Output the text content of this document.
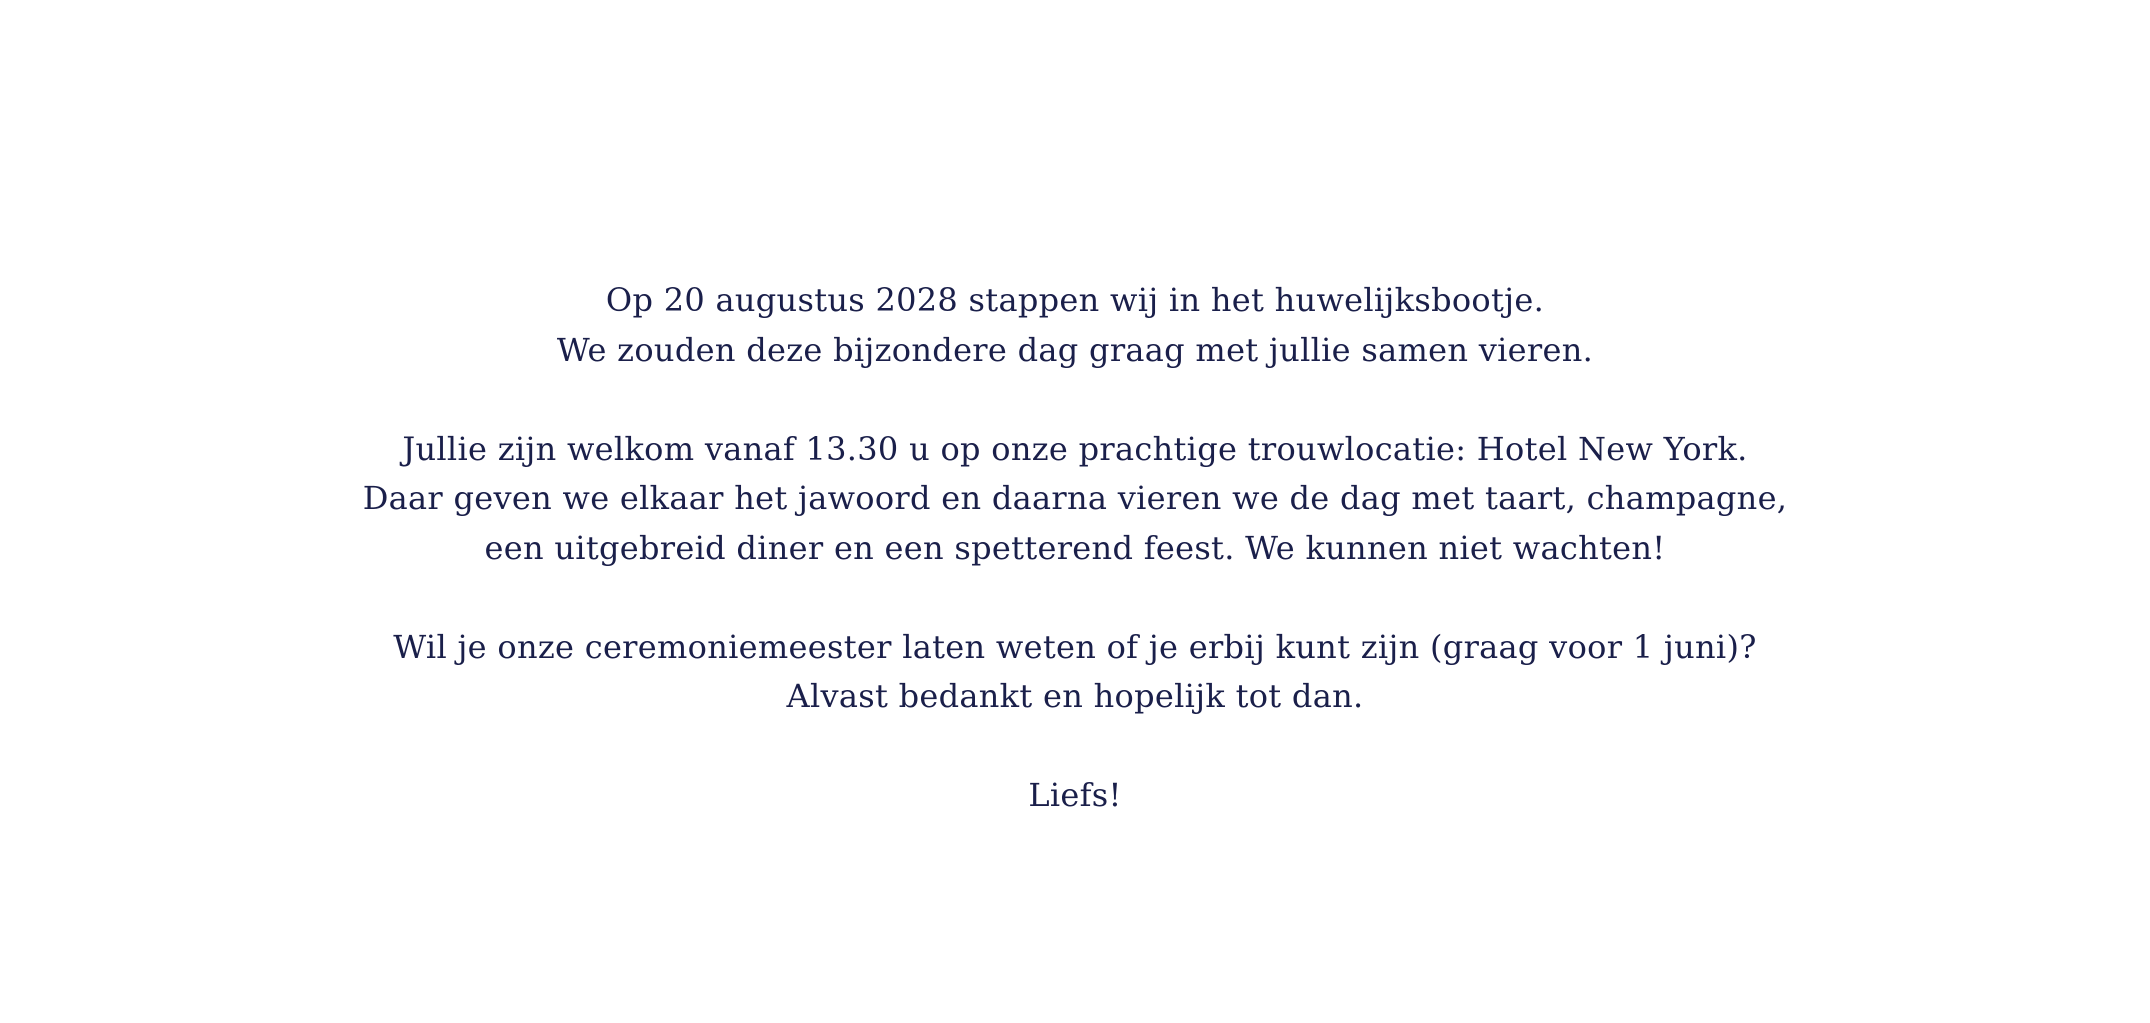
Op 20 augustus 2028 stappen wij in het huwelijksbootje.
We zouden deze bijzondere dag graag met jullie samen vieren.

Jullie zijn welkom vanaf 13.30 u op onze prachtige trouwlocatie: Hotel New York.
Daar geven we elkaar het jawoord en daarna vieren we de dag met taart, champagne,
een uitgebreid diner en een spetterend feest. We kunnen niet wachten!

Wil je onze ceremoniemeester laten weten of je erbij kunt zijn (graag voor 1 juni)?
Alvast bedankt en hopelijk tot dan.

Liefs!
